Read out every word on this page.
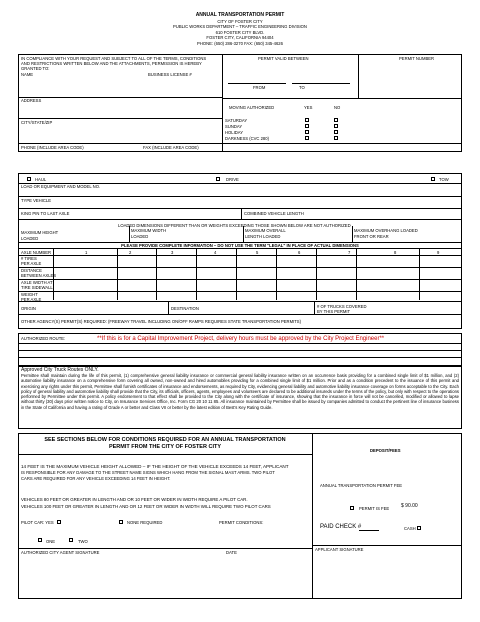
ANNUAL TRANSPORTATION PERMIT
CITY OF FOSTER CITY
PUBLIC WORKS DEPARTMENT – TRAFFIC ENGINEERING DIVISION
610 FOSTER CITY BLVD.
FOSTER CITY, CALIFORNIA 94404
PHONE: (650) 286-3270 FAX: (650) 345-4626
IN COMPLIANCE WITH YOUR REQUEST AND SUBJECT TO ALL OF THE TERMS, CONDITIONS
AND RESTRICTIONS WRITTEN BELOW AND THE ATTACHMENTS, PERMISSION IS HEREBY
GRANTED TO:
NAME	BUSINESS LICENSE #
ADDRESS
CITY/STATE/ZIP
PHONE (INCLUDE AREA CODE)	FAX (INCLUDE AREA CODE)
PERMIT VALID BETWEEN	PERMIT NUMBER
FROM	TO
MOVING AUTHORIZED	YES	NO
SATURDAY
SUNDAY
HOLIDAY
DARKNESS (CVC 280)
HAUL	DRIVE	TOW
LOAD OR EQUIPMENT AND MODEL NO.
TYPE VEHICLE
KING PIN TO LAST AXLE	COMBINED VEHICLE LENGTH
LOADED DIMENSIONS DIFFERENT THAN OR WEIGHTS EXCEEDING THOSE SHOWN BELOW ARE NOT AUTHORIZED
MAXIMUM HEIGHT
LOADED
MAXIMUM WIDTH
LOADED
MAXIMUM OVERALL
LENGTH LOADED
MAXIMUM OVERHANG LOADED
FRONT OR REAR
PLEASE PROVIDE COMPLETE INFORMATION – DO NOT USE THE TERM "LEGAL" IN PLACE OF ACTUAL DIMENSIONS
AXLE NUMBER	1	2	3	4	5	6	7	8	9
# TIRES
PER AXLE
DISTANCE
BETWEEN AXLES
AXLE WIDTH AT
TIRE SIDEWALL
WEIGHT
PER AXLE
ORIGIN	DESTINATION	# OF TRUCKS COVERED
BY THIS PERMIT
OTHER AGENCY(S) PERMIT(S) REQUIRED: (FREEWAY TRAVEL INCLUDING ON/OFF RAMPS REQUIRES STATE TRANSPORTATION PERMITS)
AUTHORIZED ROUTE:	**If this is for a Capital Improvement Project, delivery hours must be approved by the City Project Engineer**
Approved City Truck Routes ONLY.
Permittee shall maintain during the life of this permit, (1) comprehensive general liability insurance or commercial general liability insurance written on an occurrence basis providing for a combined single limit of $1 million, and (2) automotive liability insurance on a comprehensive form covering all owned, non-owned and hired automobiles providing for a combined single limit of $1 million. Prior and as a condition precedent to the issuance of this permit and exercising any rights under this permit, Permittee shall furnish certificates of insurance and endorsements, as required by City, evidencing general liability and automotive liability insurance coverage on forms acceptable to the City. Each policy of general liability and automotive liability shall provide that the City, its officials, officers, agents, employees and volunteers are declared to be additional insureds under the terms of the policy, but only with respect to the operations performed by Permittee under this permit. A policy endorsement to that effect shall be provided to the City along with the certificate of insurance, showing that the insurance in force will not be cancelled, modified or allowed to lapse without thirty (30) days prior written notice to City, on Insurance Services Office, Inc. Form CG 20 10 11 85. All insurance maintained by Permittee shall be issued by companies admitted to conduct the pertinent line of insurance business in the State of California and having a rating of Grade A or better and Class VII or better by the latest edition of Best's Key Rating Guide.
SEE SECTIONS BELOW FOR CONDITIONS REQUIRED FOR AN ANNUAL TRANSPORTATION
PERMIT FROM THE CITY OF FOSTER CITY
DEPOSIT/FEES
14 FEET IS THE MAXIMUM VEHICLE HEIGHT ALLOWED – IF THE HEIGHT OF THE VEHICLE EXCEEDS 14 FEET, APPLICANT
IS RESPONSIBLE FOR ANY DAMAGE TO THE STREET NAME SIGNS WHICH HANG FROM THE SIGNAL MAST ARMS. TWO PILOT
CARS ARE REQUIRED FOR ANY VEHICLE EXCEEDING 14 FEET IN HEIGHT.
ANNUAL TRANSPORTATION PERMIT FEE
VEHICLES 80 FEET OR GREATER IN LENGTH AND OR 10 FEET OR WIDER IN WIDTH REQUIRE A PILOT CAR.
VEHICLES 100 FEET OR GREATER IN LENGTH AND OR 12 FEET OR WIDER IN WIDTH WILL REQUIRE TWO PILOT CARS	PERMIT IS FEE $ 90.00
PILOT CAR: YES	NONE REQUIRED	PERMIT CONDITIONS:
PAID CHECK #	CASH
ONE	TWO
APPLICANT SIGNATURE
AUTHORIZED CITY AGENT SIGNATURE	DATE
